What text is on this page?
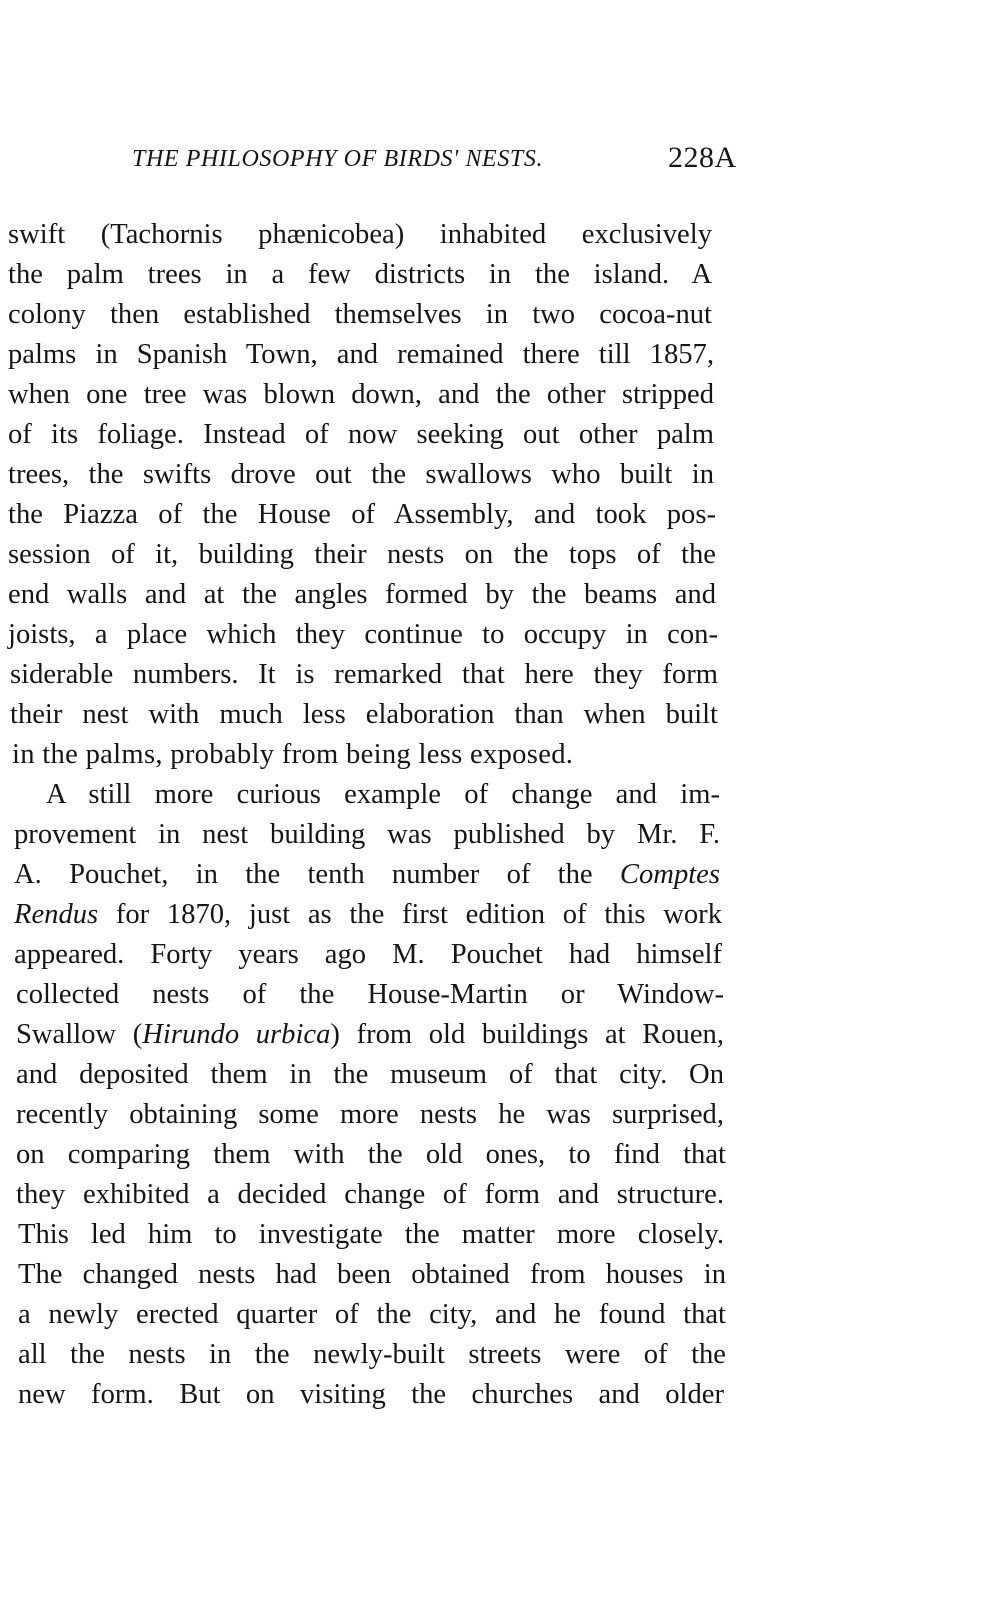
THE PHILOSOPHY OF BIRDS' NESTS.	228A
swift (Tachornis phænicobea) inhabited exclusively
the palm trees in a few districts in the island. A
colony then established themselves in two cocoa-nut
palms in Spanish Town, and remained there till 1857,
when one tree was blown down, and the other stripped
of its foliage. Instead of now seeking out other palm
trees, the swifts drove out the swallows who built in
the Piazza of the House of Assembly, and took pos-
session of it, building their nests on the tops of the
end walls and at the angles formed by the beams and
joists, a place which they continue to occupy in con-
siderable numbers. It is remarked that here they form
their nest with much less elaboration than when built
in the palms, probably from being less exposed.
A still more curious example of change and im-
provement in nest building was published by Mr. F.
A. Pouchet, in the tenth number of the Comptes
Rendus for 1870, just as the first edition of this work
appeared. Forty years ago M. Pouchet had himself
collected nests of the House-Martin or Window-
Swallow (Hirundo urbica) from old buildings at Rouen,
and deposited them in the museum of that city. On
recently obtaining some more nests he was surprised,
on comparing them with the old ones, to find that
they exhibited a decided change of form and structure.
This led him to investigate the matter more closely.
The changed nests had been obtained from houses in
a newly erected quarter of the city, and he found that
all the nests in the newly-built streets were of the
new form. But on visiting the churches and older
